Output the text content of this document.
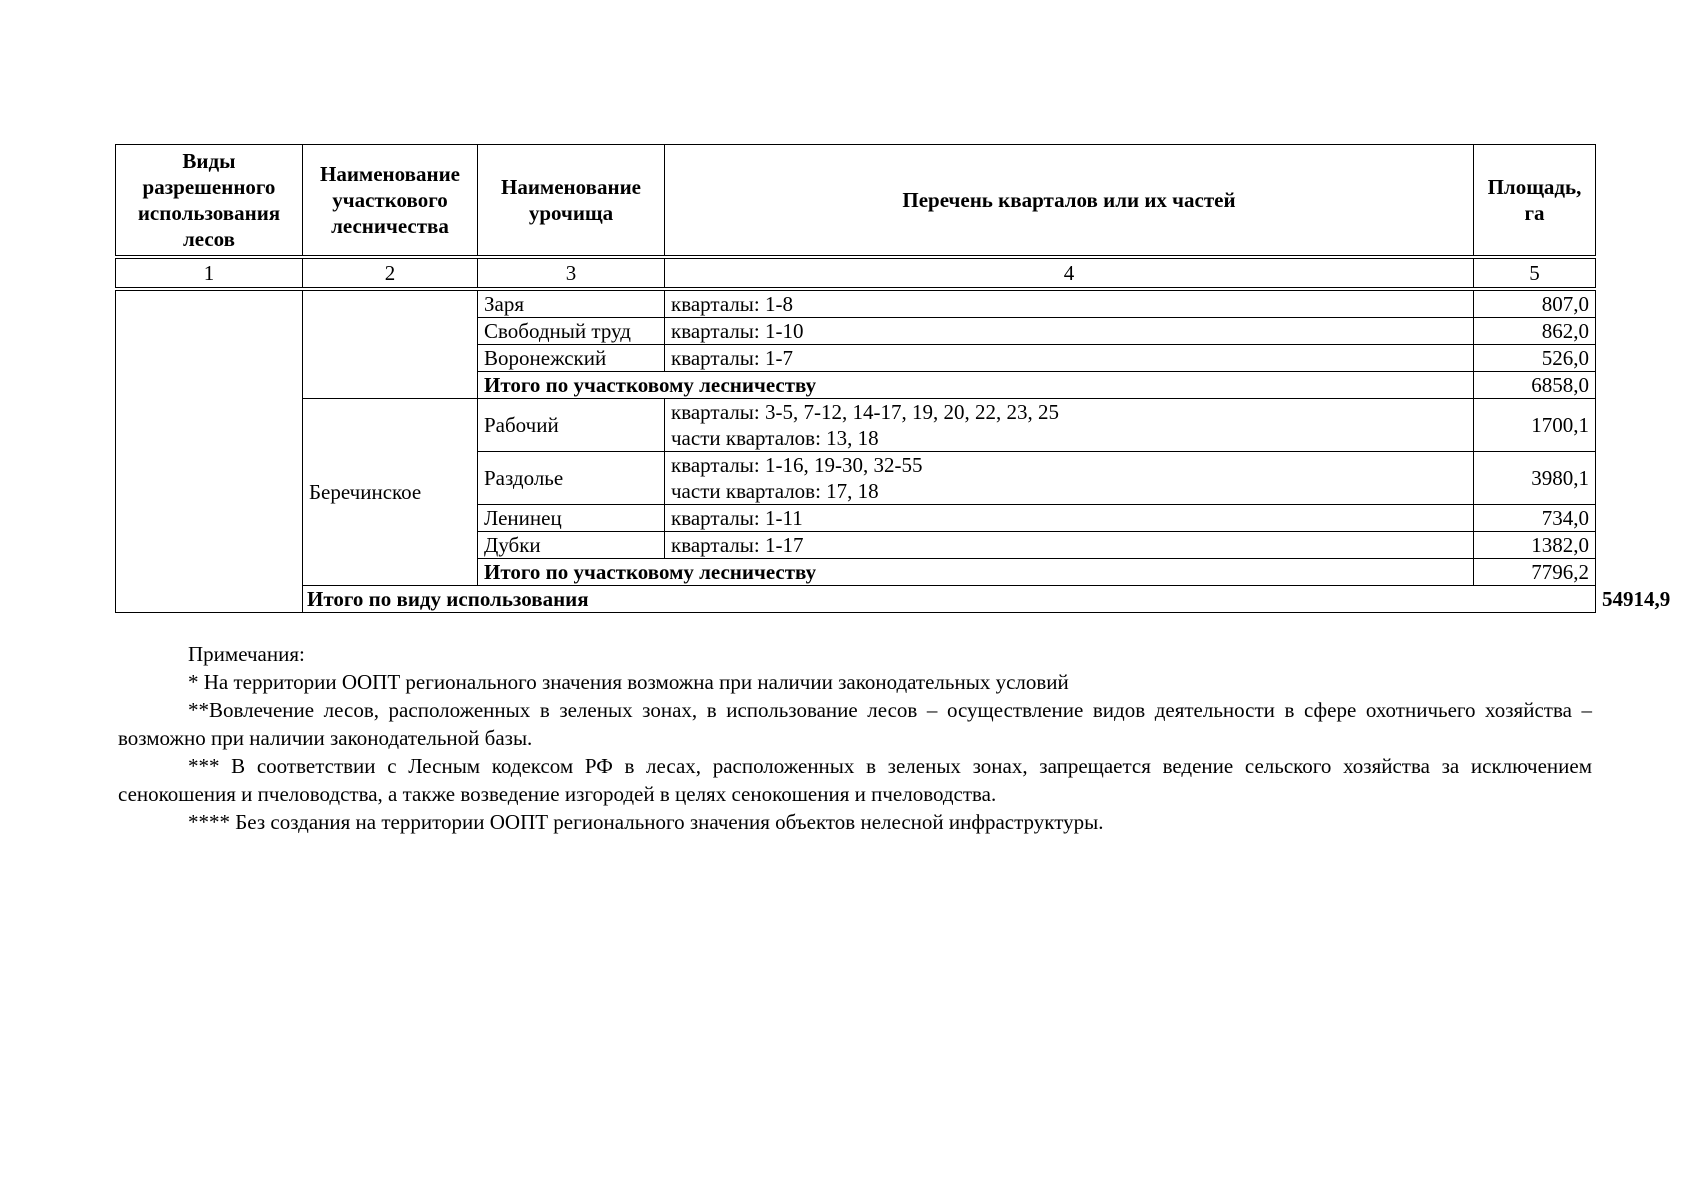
Виды разрешенного использования лесов	Наименование участкового лесничества	Наименование урочища	Перечень кварталов или их частей	Площадь, га	
1	2	3	4	5	
		Заря	кварталы: 1-8	807,0	
		Свободный труд	кварталы: 1-10	862,0	
		Воронежский	кварталы: 1-7	526,0	
		Итого по участковому лесничеству		6858,0	
	Беречинское	Рабочий	кварталы: 3-5, 7-12, 14-17, 19, 20, 22, 23, 25
части кварталов: 13, 18	1700,1	
		Раздолье	кварталы: 1-16, 19-30, 32-55
части кварталов: 17, 18	3980,1	
		Ленинец	кварталы: 1-11	734,0	
		Дубки	кварталы: 1-17	1382,0	
		Итого по участковому лесничеству		7796,2	
	Итого по виду использования				54914,9

Примечания:

* На территории ООПТ регионального значения возможна при наличии законодательных условий

**Вовлечение лесов, расположенных в зеленых зонах, в использование лесов – осуществление видов деятельности в сфере охотничьего хозяйства – возможно при наличии законодательной базы.

*** В соответствии с Лесным кодексом РФ в лесах, расположенных в зеленых зонах, запрещается ведение сельского хозяйства за исключением сенокошения и пчеловодства, а также возведение изгородей в целях сенокошения и пчеловодства.

**** Без создания на территории ООПТ регионального значения объектов нелесной инфраструктуры.
